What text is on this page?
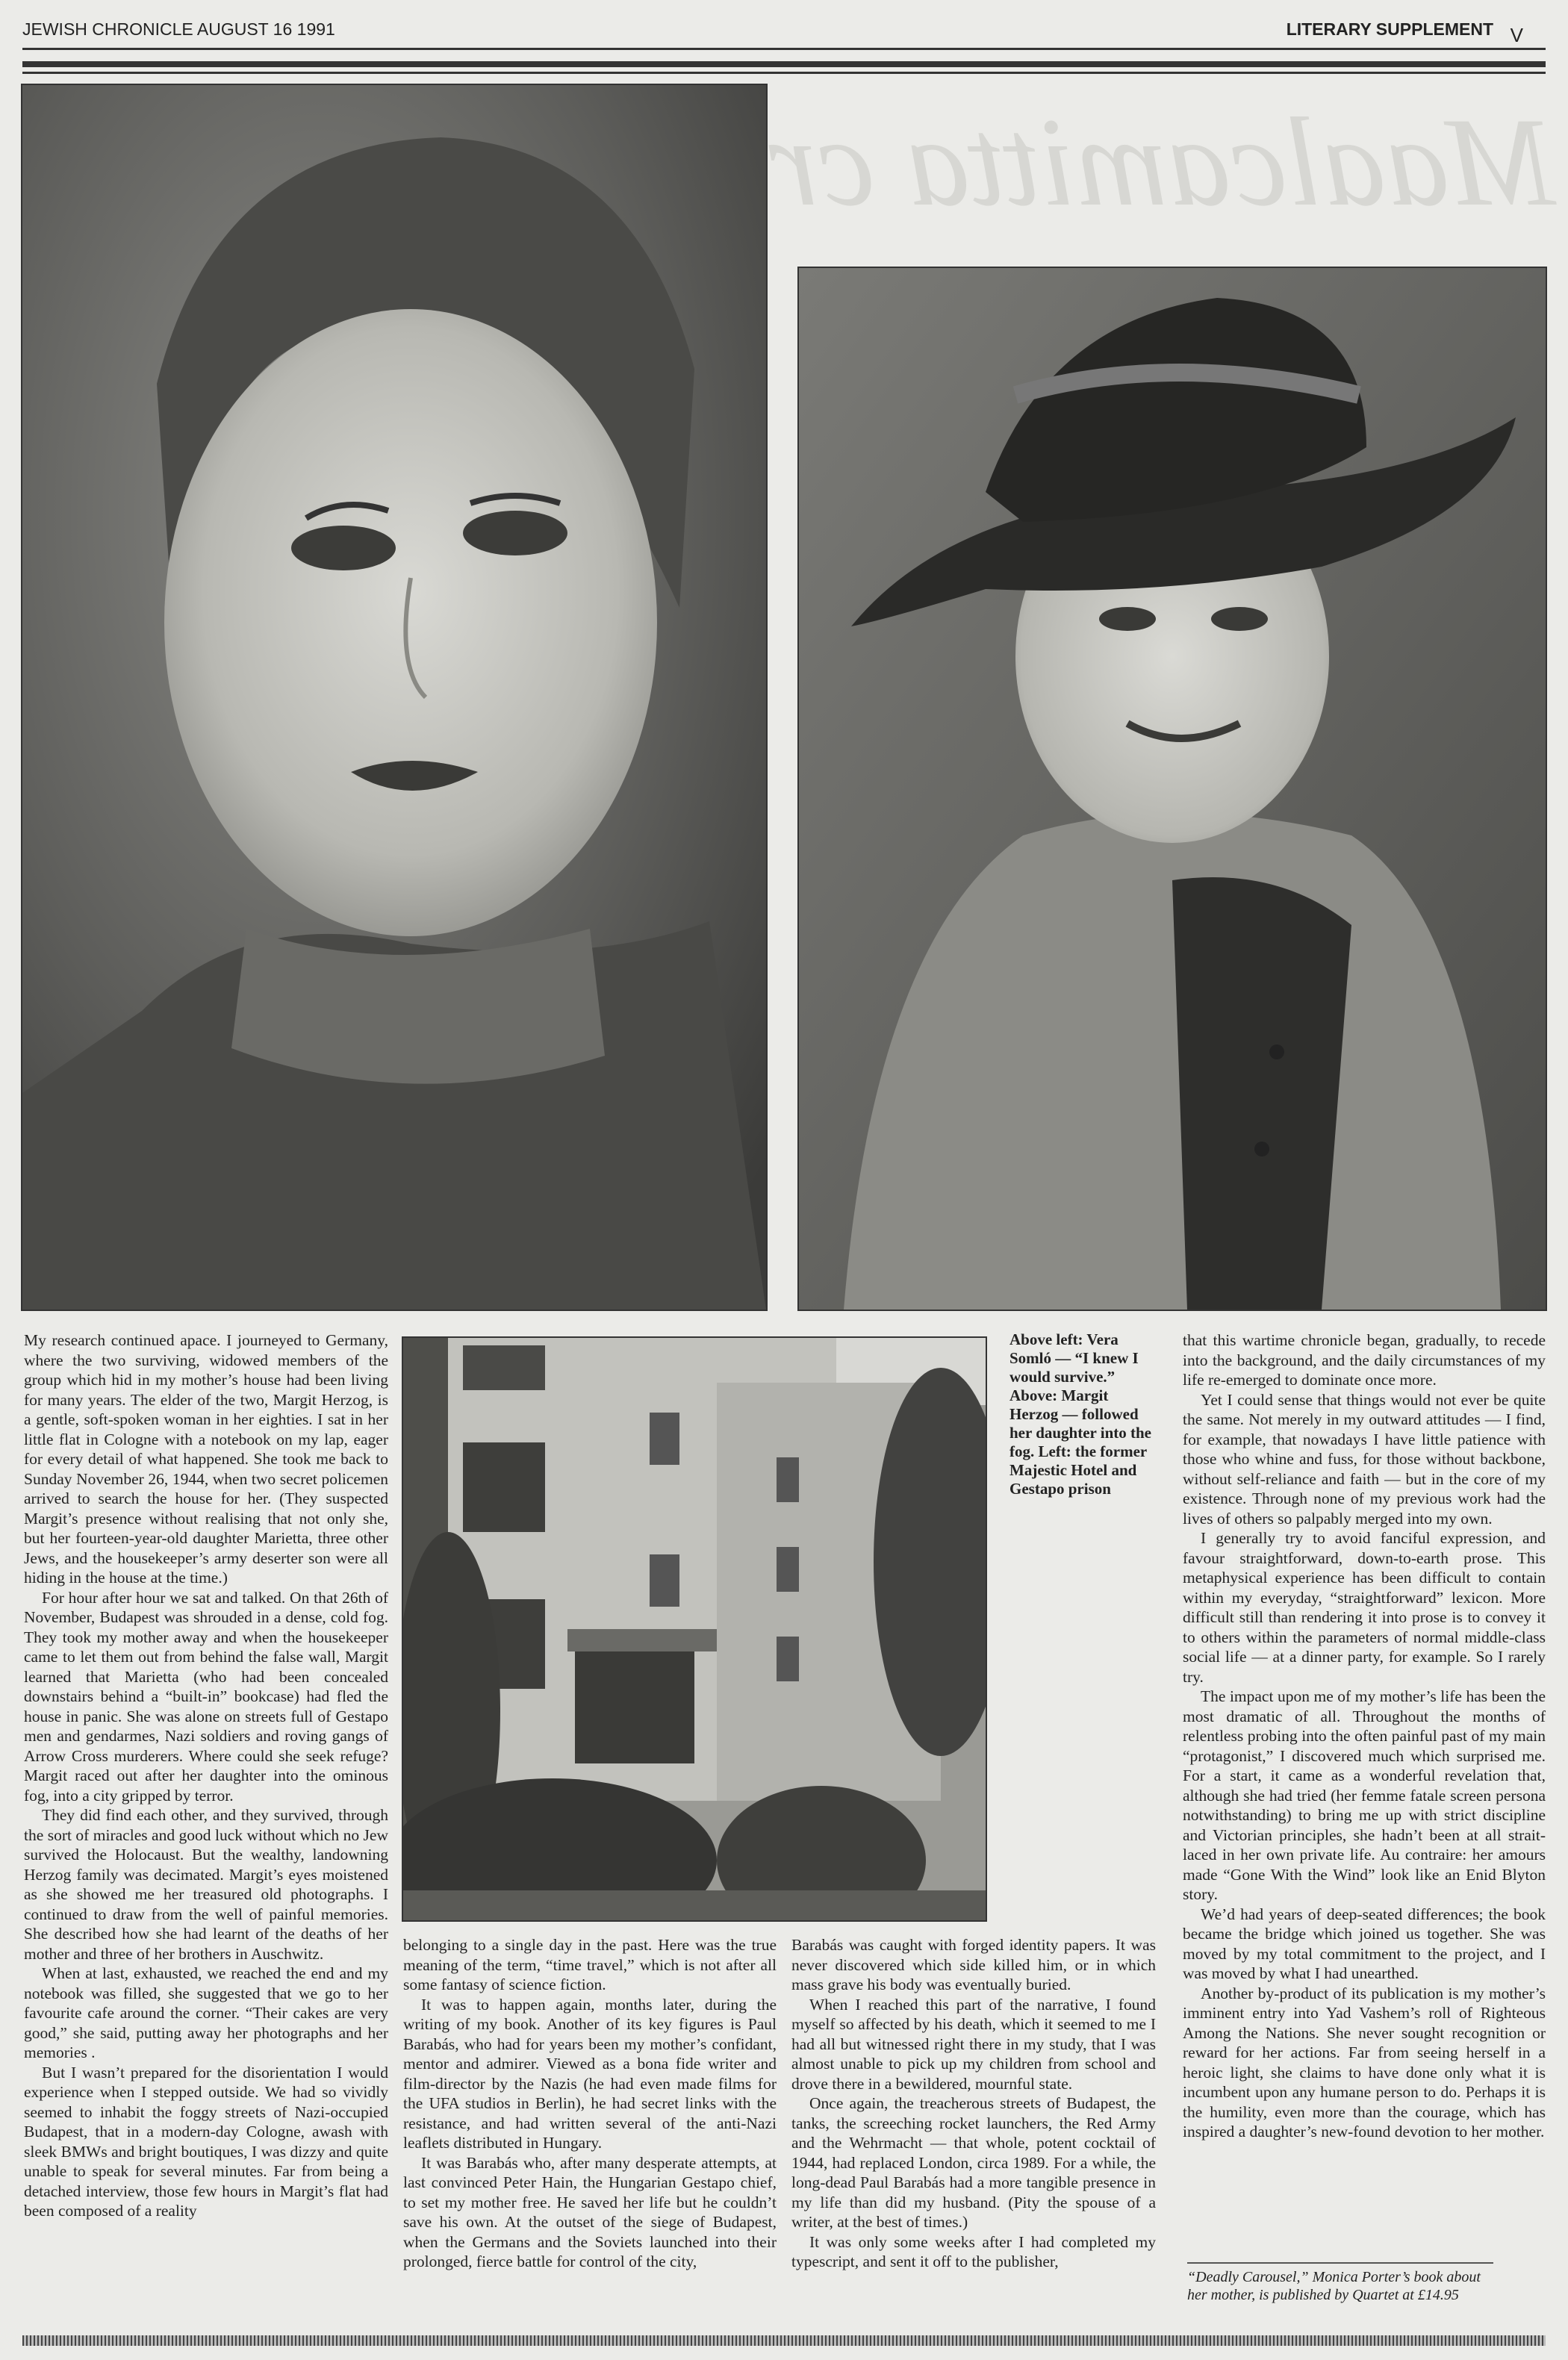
JEWISH CHRONICLE AUGUST 16 1991	LITERARY SUPPLEMENT V
Maalcamitta cr
Above left: Vera Somló — “I knew I would survive.” Above: Margit Herzog — followed her daughter into the fog. Left: the former Majestic Hotel and Gestapo prison

My research continued apace. I journeyed to Germany, where the two surviving, widowed members of the group which hid in my mother’s house had been living for many years. The elder of the two, Margit Herzog, is a gentle, soft-spoken woman in her eighties. I sat in her little flat in Cologne with a notebook on my lap, eager for every detail of what happened. She took me back to Sunday November 26, 1944, when two secret policemen arrived to search the house for her. (They suspected Margit’s presence without realising that not only she, but her fourteen-year-old daughter Marietta, three other Jews, and the housekeeper’s army deserter son were all hiding in the house at the time.)

For hour after hour we sat and talked. On that 26th of November, Budapest was shrouded in a dense, cold fog. They took my mother away and when the housekeeper came to let them out from behind the false wall, Margit learned that Marietta (who had been concealed downstairs behind a “built-in” bookcase) had fled the house in panic. She was alone on streets full of Gestapo men and gendarmes, Nazi soldiers and roving gangs of Arrow Cross murderers. Where could she seek refuge? Margit raced out after her daughter into the ominous fog, into a city gripped by terror.

They did find each other, and they survived, through the sort of miracles and good luck without which no Jew survived the Holocaust. But the wealthy, landowning Herzog family was decimated. Margit’s eyes moistened as she showed me her treasured old photographs. I continued to draw from the well of painful memories. She described how she had learnt of the deaths of her mother and three of her brothers in Auschwitz.

When at last, exhausted, we reached the end and my notebook was filled, she suggested that we go to her favourite cafe around the corner. “Their cakes are very good,” she said, putting away her photographs and her memories .

But I wasn’t prepared for the disorientation I would experience when I stepped outside. We had so vividly seemed to inhabit the foggy streets of Nazi-occupied Budapest, that in a modern-day Cologne, awash with sleek BMWs and bright boutiques, I was dizzy and quite unable to speak for several minutes. Far from being a detached interview, those few hours in Margit’s flat had been composed of a reality

belonging to a single day in the past. Here was the true meaning of the term, “time travel,” which is not after all some fantasy of science fiction.

It was to happen again, months later, during the writing of my book. Another of its key figures is Paul Barabás, who had for years been my mother’s confidant, mentor and admirer. Viewed as a bona fide writer and film-director by the Nazis (he had even made films for the UFA studios in Berlin), he had secret links with the resistance, and had written several of the anti-Nazi leaflets distributed in Hungary.

It was Barabás who, after many desperate attempts, at last convinced Peter Hain, the Hungarian Gestapo chief, to set my mother free. He saved her life but he couldn’t save his own. At the outset of the siege of Budapest, when the Germans and the Soviets launched into their prolonged, fierce battle for control of the city,

Barabás was caught with forged identity papers. It was never discovered which side killed him, or in which mass grave his body was eventually buried.

When I reached this part of the narrative, I found myself so affected by his death, which it seemed to me I had all but witnessed right there in my study, that I was almost unable to pick up my children from school and drove there in a bewildered, mournful state.

Once again, the treacherous streets of Budapest, the tanks, the screeching rocket launchers, the Red Army and the Wehrmacht — that whole, potent cocktail of 1944, had replaced London, circa 1989. For a while, the long-dead Paul Barabás had a more tangible presence in my life than did my husband. (Pity the spouse of a writer, at the best of times.)

It was only some weeks after I had completed my typescript, and sent it off to the publisher,

that this wartime chronicle began, gradually, to recede into the background, and the daily circumstances of my life re-emerged to dominate once more.

Yet I could sense that things would not ever be quite the same. Not merely in my outward attitudes — I find, for example, that nowadays I have little patience with those who whine and fuss, for those without backbone, without self-reliance and faith — but in the core of my existence. Through none of my previous work had the lives of others so palpably merged into my own.

I generally try to avoid fanciful expression, and favour straightforward, down-to-earth prose. This metaphysical experience has been difficult to contain within my everyday, “straightforward” lexicon. More difficult still than rendering it into prose is to convey it to others within the parameters of normal middle-class social life — at a dinner party, for example. So I rarely try.

The impact upon me of my mother’s life has been the most dramatic of all. Throughout the months of relentless probing into the often painful past of my main “protagonist,” I discovered much which surprised me. For a start, it came as a wonderful revelation that, although she had tried (her femme fatale screen persona notwithstanding) to bring me up with strict discipline and Victorian principles, she hadn’t been at all strait-laced in her own private life. Au contraire: her amours made “Gone With the Wind” look like an Enid Blyton story.

We’d had years of deep-seated differences; the book became the bridge which joined us together. She was moved by my total commitment to the project, and I was moved by what I had unearthed.

Another by-product of its publication is my mother’s imminent entry into Yad Vashem’s roll of Righteous Among the Nations. She never sought recognition or reward for her actions. Far from seeing herself in a heroic light, she claims to have done only what it is incumbent upon any humane person to do. Perhaps it is the humility, even more than the courage, which has inspired a daughter’s new-found devotion to her mother.

“Deadly Carousel,” Monica Porter’s book about her mother, is published by Quartet at £14.95
